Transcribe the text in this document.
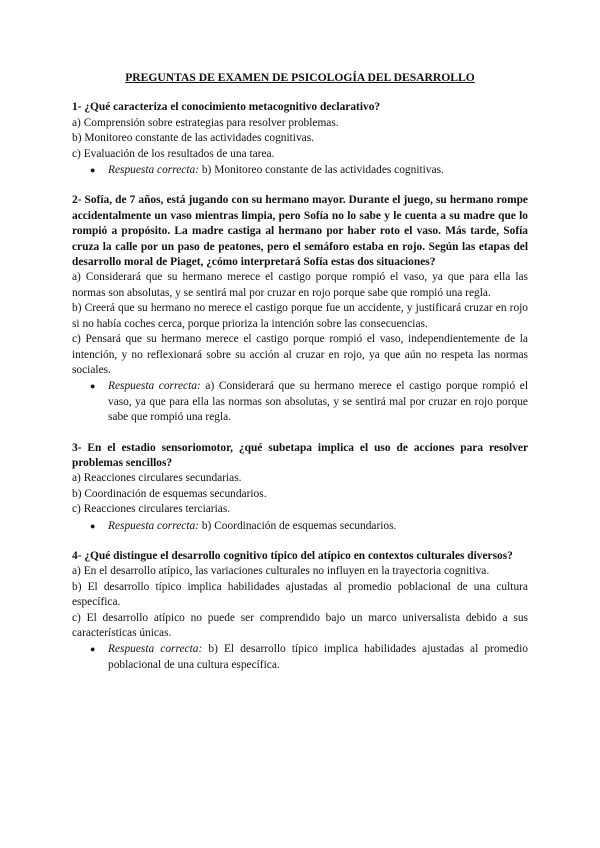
PREGUNTAS DE EXAMEN DE PSICOLOGÍA DEL DESARROLLO

1- ¿Qué caracteriza el conocimiento metacognitivo declarativo?

a) Comprensión sobre estrategias para resolver problemas.

b) Monitoreo constante de las actividades cognitivas.

c) Evaluación de los resultados de una tarea.

●	Respuesta correcta: b) Monitoreo constante de las actividades cognitivas.

2- Sofía, de 7 años, está jugando con su hermano mayor. Durante el juego, su hermano rompe accidentalmente un vaso mientras limpia, pero Sofía no lo sabe y le cuenta a su madre que lo rompió a propósito. La madre castiga al hermano por haber roto el vaso. Más tarde, Sofía cruza la calle por un paso de peatones, pero el semáforo estaba en rojo. Según las etapas del desarrollo moral de Piaget, ¿cómo interpretará Sofía estas dos situaciones?

a) Considerará que su hermano merece el castigo porque rompió el vaso, ya que para ella las normas son absolutas, y se sentirá mal por cruzar en rojo porque sabe que rompió una regla.

b) Creerá que su hermano no merece el castigo porque fue un accidente, y justificará cruzar en rojo si no había coches cerca, porque prioriza la intención sobre las consecuencias.

c) Pensará que su hermano merece el castigo porque rompió el vaso, independientemente de la intención, y no reflexionará sobre su acción al cruzar en rojo, ya que aún no respeta las normas sociales.

●	Respuesta correcta: a) Considerará que su hermano merece el castigo porque rompió el vaso, ya que para ella las normas son absolutas, y se sentirá mal por cruzar en rojo porque sabe que rompió una regla.

3- En el estadio sensoriomotor, ¿qué subetapa implica el uso de acciones para resolver problemas sencillos?

a) Reacciones circulares secundarias.

b) Coordinación de esquemas secundarios.

c) Reacciones circulares terciarias.

●	Respuesta correcta: b) Coordinación de esquemas secundarios.

4- ¿Qué distingue el desarrollo cognitivo típico del atípico en contextos culturales diversos?

a) En el desarrollo atípico, las variaciones culturales no influyen en la trayectoria cognitiva.

b) El desarrollo típico implica habilidades ajustadas al promedio poblacional de una cultura específica.

c) El desarrollo atípico no puede ser comprendido bajo un marco universalista debido a sus características únicas.

●	Respuesta correcta: b) El desarrollo típico implica habilidades ajustadas al promedio poblacional de una cultura específica.
